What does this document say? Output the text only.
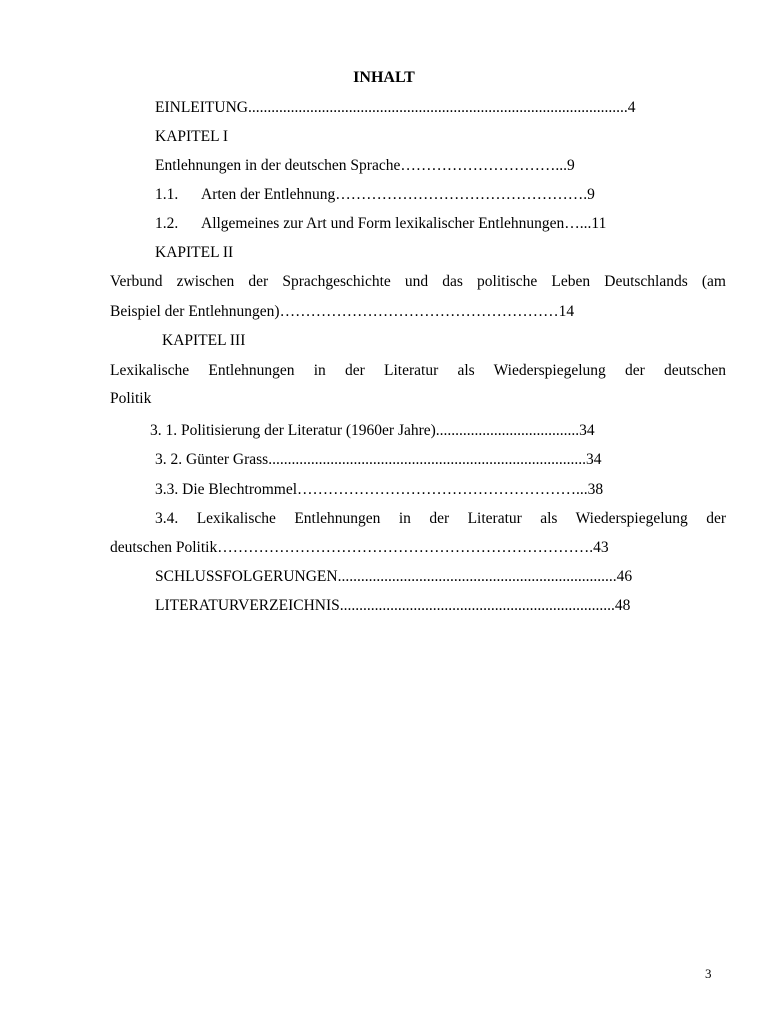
INHALT
EINLEITUNG..................................................................................................4
KAPITEL I
Entlehnungen in der deutschen Sprache…………………………...9
1.1. Arten der Entlehnung………………………………………….9
1.2. Allgemeines zur Art und Form lexikalischer Entlehnungen…...11
KAPITEL II
Verbund zwischen der Sprachgeschichte und das politische Leben Deutschlands (am
Beispiel der Entlehnungen)………………………………………………14
KAPITEL III
Lexikalische Entlehnungen in der Literatur als Wiederspiegelung der deutschen
Politik
3. 1. Politisierung der Literatur (1960er Jahre).....................................34
3. 2. Günter Grass..................................................................................34
3.3. Die Blechtrommel………………………………………………...38
3.4. Lexikalische Entlehnungen in der Literatur als Wiederspiegelung der
deutschen Politik……………………………………………………………….43
SCHLUSSFOLGERUNGEN........................................................................46
LITERATURVERZEICHNIS.......................................................................48
3
